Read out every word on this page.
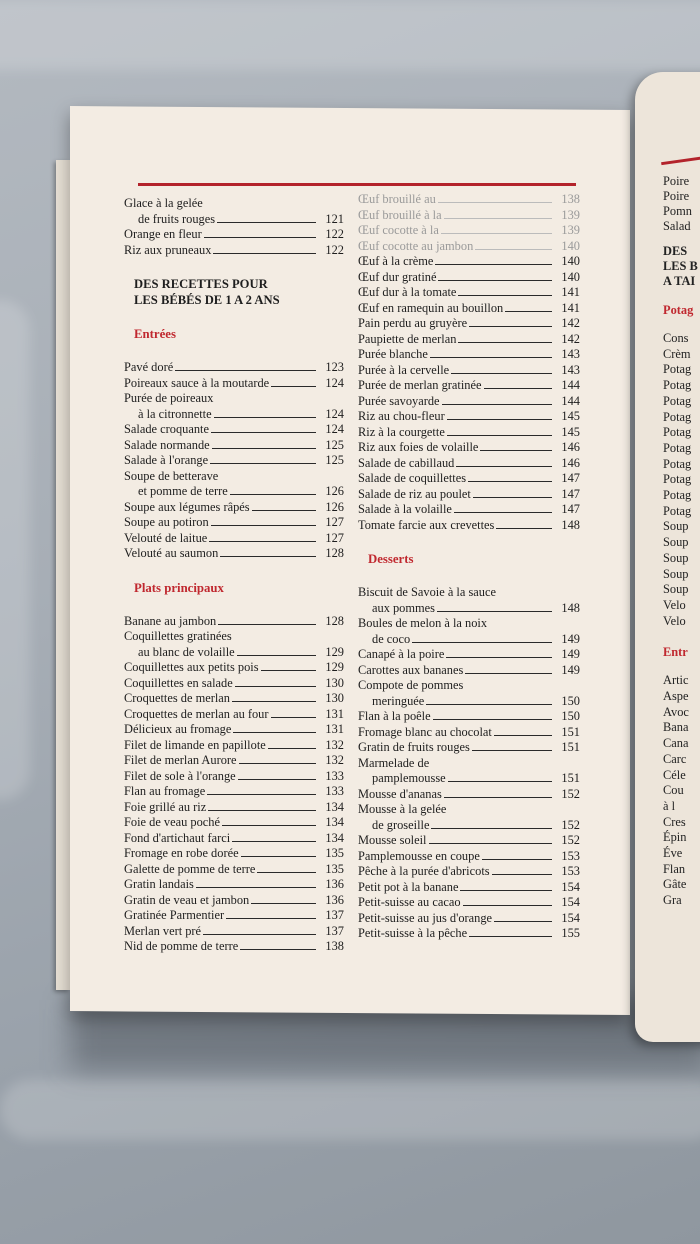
Glace à la gelée
de fruits rouges	121
Orange en fleur	122
Riz aux pruneaux	122
DES RECETTES POUR
LES BÉBÉS DE 1 A 2 ANS
Entrées
Pavé doré	123
Poireaux sauce à la moutarde	124
Purée de poireaux
à la citronnette	124
Salade croquante	124
Salade normande	125
Salade à l'orange	125
Soupe de betterave
et pomme de terre	126
Soupe aux légumes râpés	126
Soupe au potiron	127
Velouté de laitue	127
Velouté au saumon	128
Plats principaux
Banane au jambon	128
Coquillettes gratinées
au blanc de volaille	129
Coquillettes aux petits pois	129
Coquillettes en salade	130
Croquettes de merlan	130
Croquettes de merlan au four	131
Délicieux au fromage	131
Filet de limande en papillote	132
Filet de merlan Aurore	132
Filet de sole à l'orange	133
Flan au fromage	133
Foie grillé au riz	134
Foie de veau poché	134
Fond d'artichaut farci	134
Fromage en robe dorée	135
Galette de pomme de terre	135
Gratin landais	136
Gratin de veau et jambon	136
Gratinée Parmentier	137
Merlan vert pré	137
Nid de pomme de terre	138
Œuf brouillé au	138
Œuf brouillé à la	139
Œuf cocotte à la	139
Œuf cocotte au jambon	140
Œuf à la crème	140
Œuf dur gratiné	140
Œuf dur à la tomate	141
Œuf en ramequin au bouillon	141
Pain perdu au gruyère	142
Paupiette de merlan	142
Purée blanche	143
Purée à la cervelle	143
Purée de merlan gratinée	144
Purée savoyarde	144
Riz au chou-fleur	145
Riz à la courgette	145
Riz aux foies de volaille	146
Salade de cabillaud	146
Salade de coquillettes	147
Salade de riz au poulet	147
Salade à la volaille	147
Tomate farcie aux crevettes	148
Desserts
Biscuit de Savoie à la sauce
aux pommes	148
Boules de melon à la noix
de coco	149
Canapé à la poire	149
Carottes aux bananes	149
Compote de pommes
meringuée	150
Flan à la poêle	150
Fromage blanc au chocolat	151
Gratin de fruits rouges	151
Marmelade de
pamplemousse	151
Mousse d'ananas	152
Mousse à la gelée
de groseille	152
Mousse soleil	152
Pamplemousse en coupe	153
Pêche à la purée d'abricots	153
Petit pot à la banane	154
Petit-suisse au cacao	154
Petit-suisse au jus d'orange	154
Petit-suisse à la pêche	155
Poire
Poire
Pomn
Salad
DES
LES B
A TAI
Potag
Cons
Crèm
Potag
Potag
Potag
Potag
Potag
Potag
Potag
Potag
Potag
Potag
Soup
Soup
Soup
Soup
Soup
Velo
Velo
Entr
Artic
Aspe
Avoc
Bana
Cana
Carc
Céle
Cou
à l
Cres
Épin
Éve
Flan
Gâte
Gra
